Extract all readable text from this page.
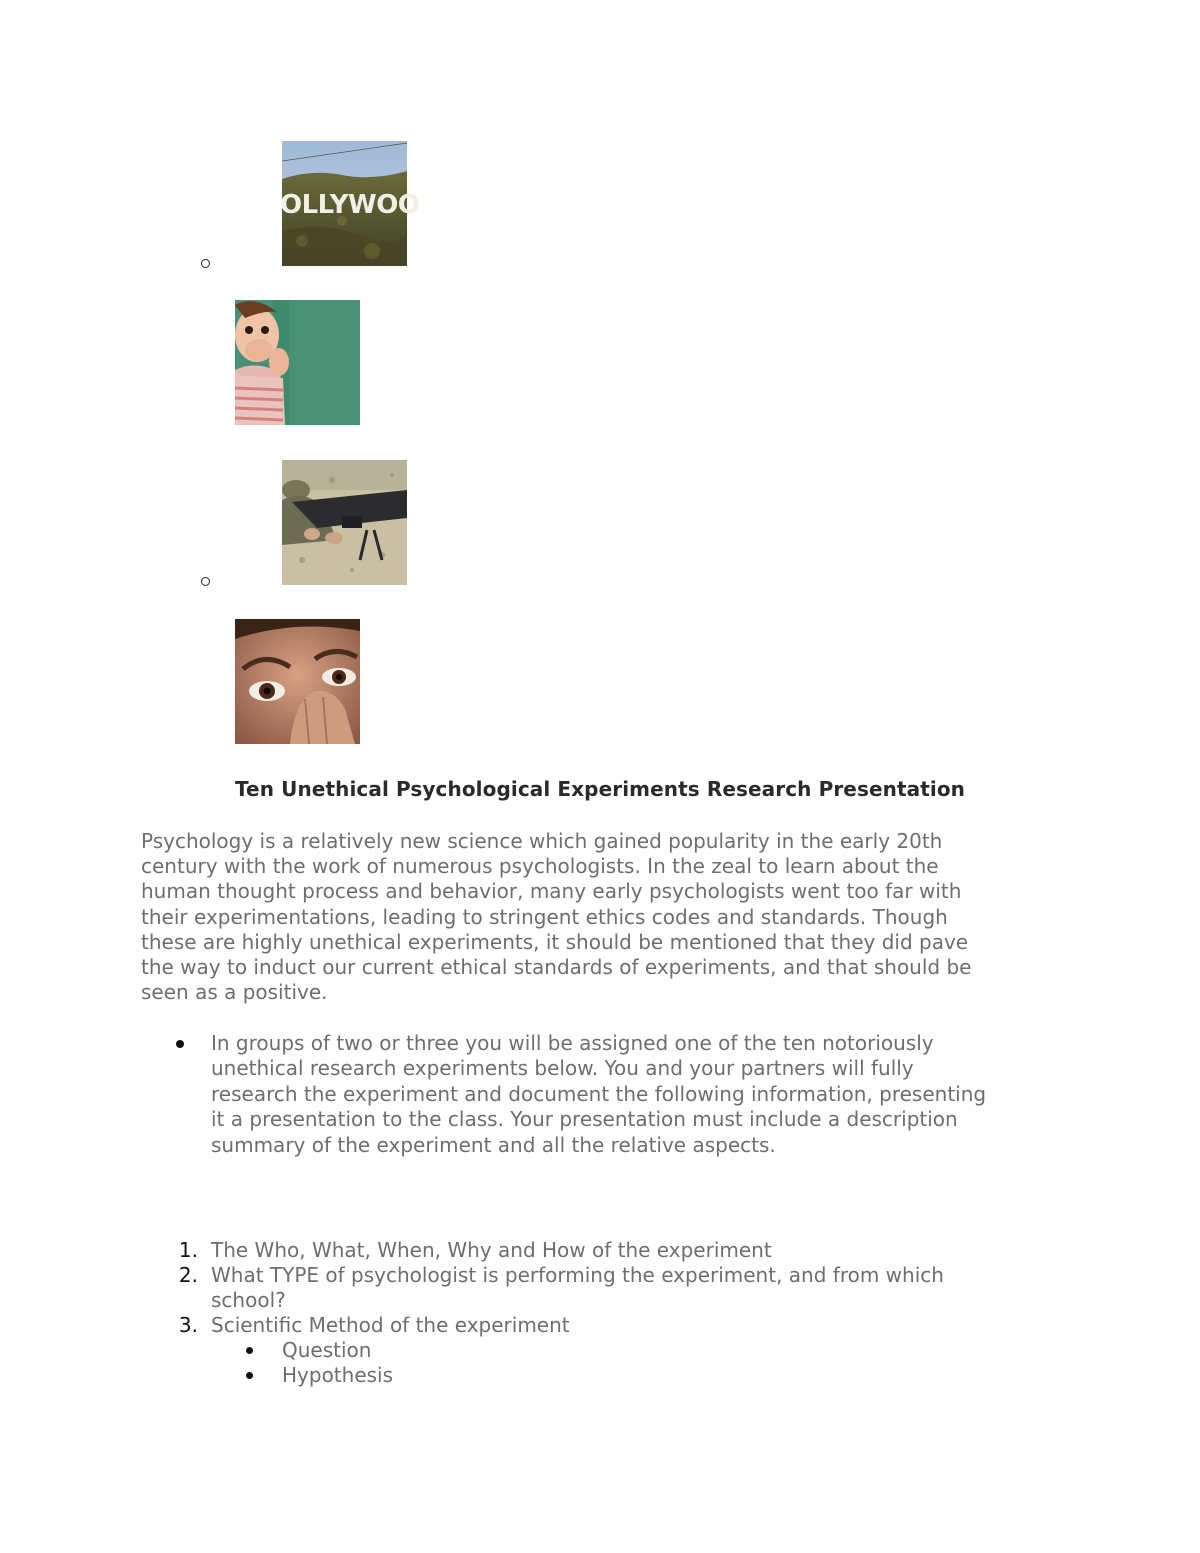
OLLYWOO
Ten Unethical Psychological Experiments Research Presentation
Psychology is a relatively new science which gained popularity in the early 20th
century with the work of numerous psychologists. In the zeal to learn about the
human thought process and behavior, many early psychologists went too far with
their experimentations, leading to stringent ethics codes and standards. Though
these are highly unethical experiments, it should be mentioned that they did pave
the way to induct our current ethical standards of experiments, and that should be
seen as a positive.
In groups of two or three you will be assigned one of the ten notoriously
unethical research experiments below. You and your partners will fully
research the experiment and document the following information, presenting
it a presentation to the class. Your presentation must include a description
summary of the experiment and all the relative aspects.
1. The Who, What, When, Why and How of the experiment
2. What TYPE of psychologist is performing the experiment, and from which
school?
3. Scientific Method of the experiment
Question
Hypothesis
